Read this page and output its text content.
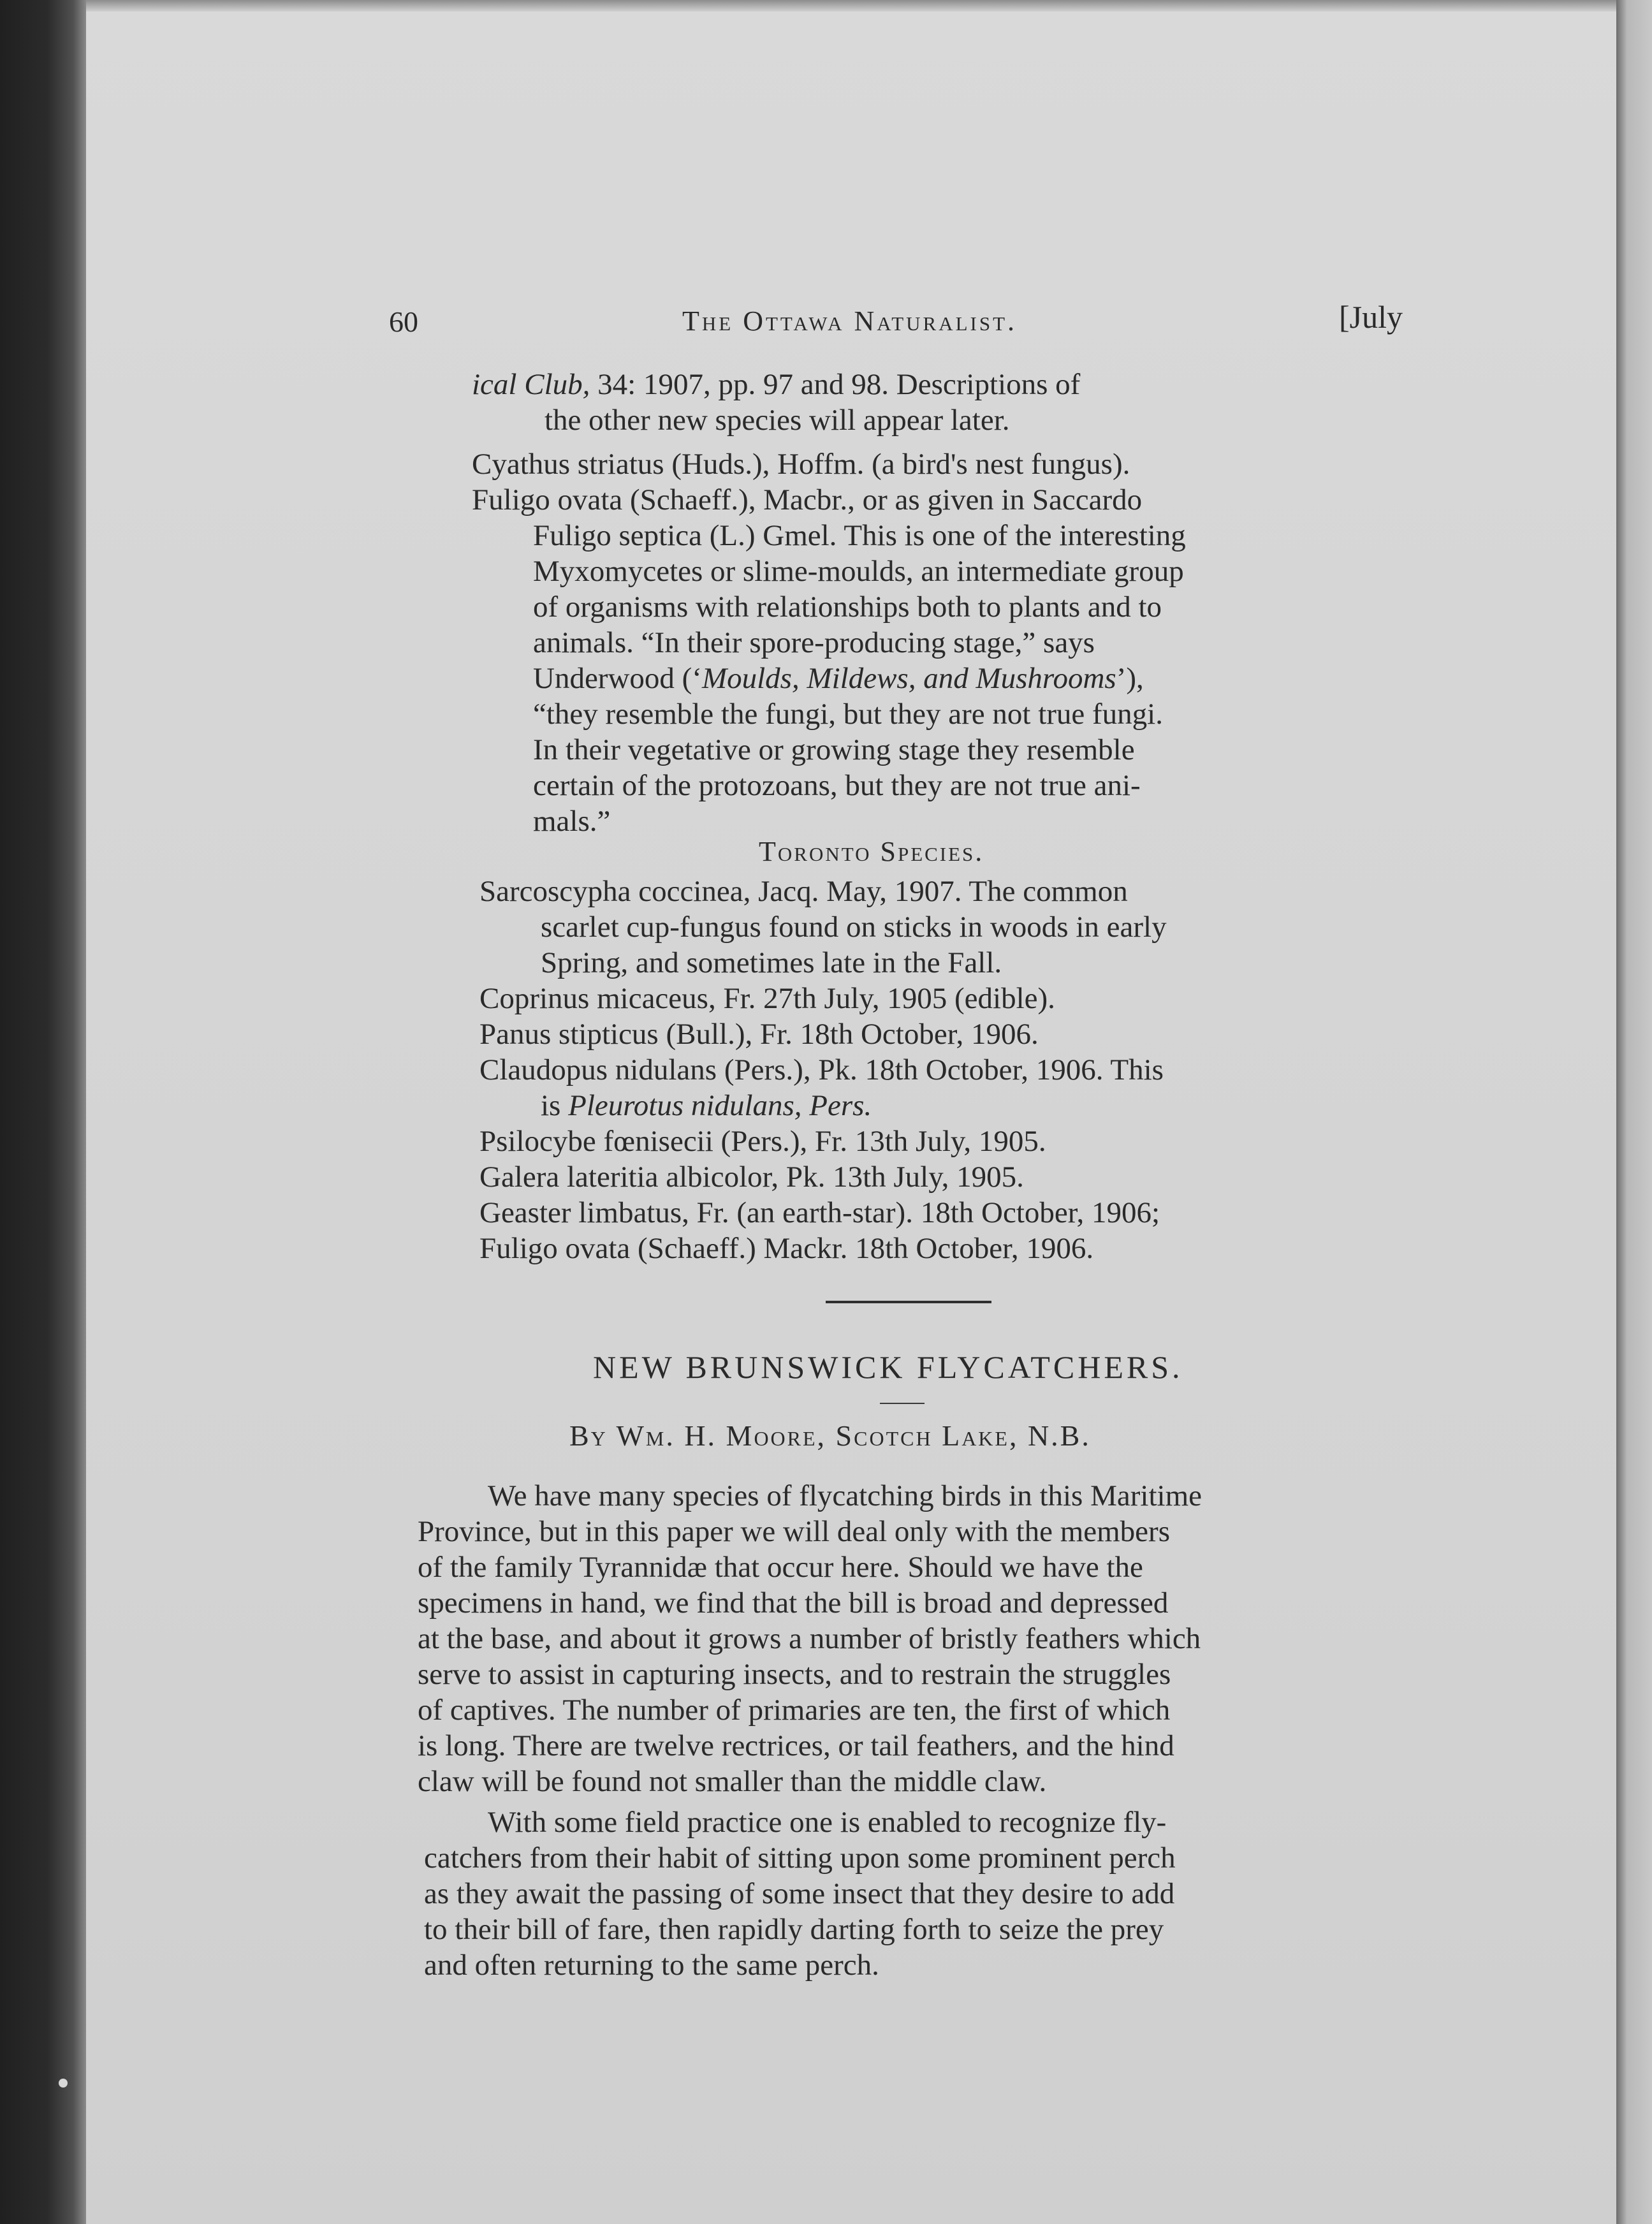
60	The Ottawa Naturalist.	[July
ical Club, 34: 1907, pp. 97 and 98. Descriptions of
the other new species will appear later.
Cyathus striatus (Huds.), Hoffm. (a bird's nest fungus).
Fuligo ovata (Schaeff.), Macbr., or as given in Saccardo
Fuligo septica (L.) Gmel. This is one of the interesting
Myxomycetes or slime-moulds, an intermediate group
of organisms with relationships both to plants and to
animals. “In their spore-producing stage,” says
Underwood (‘Moulds, Mildews, and Mushrooms’),
“they resemble the fungi, but they are not true fungi.
In their vegetative or growing stage they resemble
certain of the protozoans, but they are not true ani-
mals.”
Toronto Species.
Sarcoscypha coccinea, Jacq. May, 1907. The common
scarlet cup-fungus found on sticks in woods in early
Spring, and sometimes late in the Fall.
Coprinus micaceus, Fr. 27th July, 1905 (edible).
Panus stipticus (Bull.), Fr. 18th October, 1906.
Claudopus nidulans (Pers.), Pk. 18th October, 1906. This
is Pleurotus nidulans, Pers.
Psilocybe fœnisecii (Pers.), Fr. 13th July, 1905.
Galera lateritia albicolor, Pk. 13th July, 1905.
Geaster limbatus, Fr. (an earth-star). 18th October, 1906;
Fuligo ovata (Schaeff.) Mackr. 18th October, 1906.
NEW BRUNSWICK FLYCATCHERS.
By Wm. H. Moore, Scotch Lake, N.B.
We have many species of flycatching birds in this Maritime
Province, but in this paper we will deal only with the members
of the family Tyrannidæ that occur here. Should we have the
specimens in hand, we find that the bill is broad and depressed
at the base, and about it grows a number of bristly feathers which
serve to assist in capturing insects, and to restrain the struggles
of captives. The number of primaries are ten, the first of which
is long. There are twelve rectrices, or tail feathers, and the hind
claw will be found not smaller than the middle claw.
With some field practice one is enabled to recognize fly-
catchers from their habit of sitting upon some prominent perch
as they await the passing of some insect that they desire to add
to their bill of fare, then rapidly darting forth to seize the prey
and often returning to the same perch.
